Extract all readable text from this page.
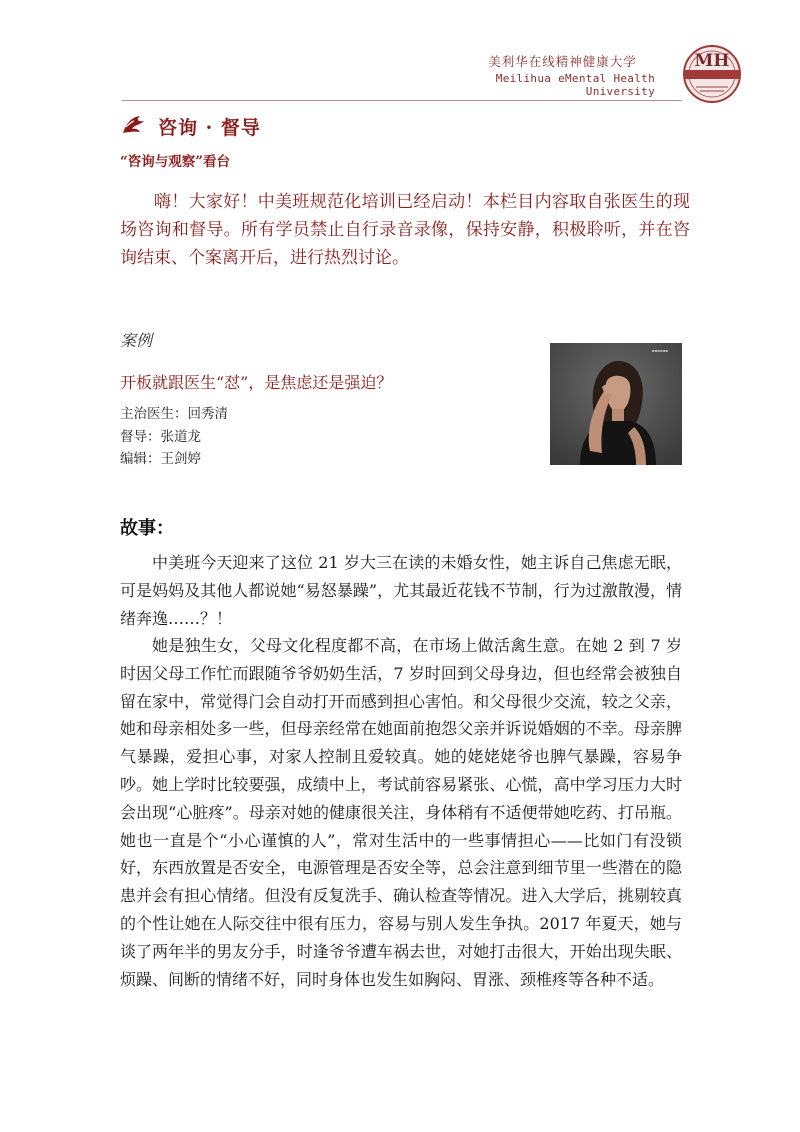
美利华在线精神健康大学
Meilihua eMental Health University
MH
咨询 · 督导
“咨询与观察”看台
嗨！大家好！中美班规范化培训已经启动！本栏目内容取自张医生的现场咨询和督导。所有学员禁止自行录音录像，保持安静，积极聆听，并在咨询结束、个案离开后，进行热烈讨论。
案例
开板就跟医生“怼”，是焦虑还是强迫？
主治医生：回秀清
督导：张道龙
编辑：王剑婷
▪▪▪▪▪▪
故事：
中美班今天迎来了这位 21 岁大三在读的未婚女性，她主诉自己焦虑无眠，可是妈妈及其他人都说她“易怒暴躁”，尤其最近花钱不节制，行为过激散漫，情绪奔逸……？！
她是独生女，父母文化程度都不高，在市场上做活禽生意。在她 2 到 7 岁时因父母工作忙而跟随爷爷奶奶生活，7 岁时回到父母身边，但也经常会被独自留在家中，常觉得门会自动打开而感到担心害怕。和父母很少交流，较之父亲，她和母亲相处多一些，但母亲经常在她面前抱怨父亲并诉说婚姻的不幸。母亲脾气暴躁，爱担心事，对家人控制且爱较真。她的姥姥姥爷也脾气暴躁，容易争吵。她上学时比较要强，成绩中上，考试前容易紧张、心慌，高中学习压力大时会出现“心脏疼”。母亲对她的健康很关注，身体稍有不适便带她吃药、打吊瓶。她也一直是个“小心谨慎的人”，常对生活中的一些事情担心——比如门有没锁好，东西放置是否安全，电源管理是否安全等，总会注意到细节里一些潜在的隐患并会有担心情绪。但没有反复洗手、确认检查等情况。进入大学后，挑剔较真的个性让她在人际交往中很有压力，容易与别人发生争执。2017 年夏天，她与谈了两年半的男友分手，时逢爷爷遭车祸去世，对她打击很大，开始出现失眠、烦躁、间断的情绪不好，同时身体也发生如胸闷、胃涨、颈椎疼等各种不适。
